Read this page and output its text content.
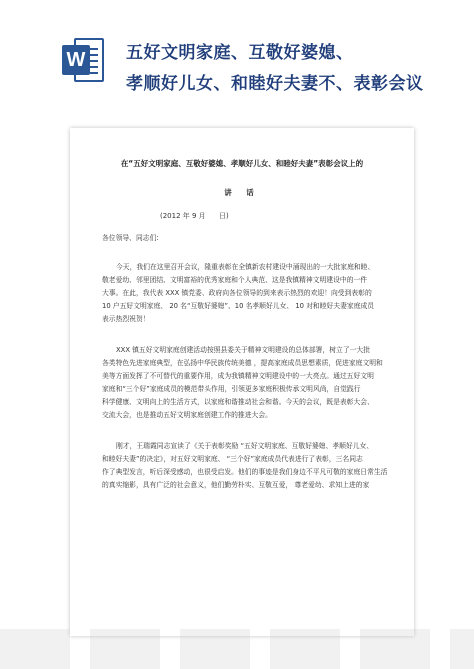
W 五好文明家庭、互敬好婆媳、
孝顺好儿女、和睦好夫妻不、表彰会议
在“五好文明家庭、互敬好婆媳、孝顺好儿女、和睦好夫妻”表彰会议上的
讲 话
(2012 年 9 月      日)
各位领导、同志们:
今天，我们在这里召开会议，隆重表彰在全镇新农村建设中涌现出的一大批家庭和睦、
敬老爱幼、邻里团结、文明富裕的优秀家庭和个人典范、这是我镇精神文明建设中的一件
大事。在此，我代表 XXX 镇党委、政府向各位领导的到来表示热烈的欢迎！向受到表彰的
10 户五好文明家庭、 20 名“互敬好婆媳”、10 名孝顺好儿女、 10 对和睦好夫妻家庭成员
表示热烈祝贺！
XXX 镇五好文明家庭创建活动按照县委关于精神文明建设的总体部署，树立了一大批
各类特色先进家庭典型，在弘扬中华民族传统美德 ，提高家庭成员思想素质，促进家庭文明和
美等方面发挥了不可替代的重要作用，成为我镇精神文明建设中的一大亮点。通过五好文明
家庭和“三个好”家庭成员的模范带头作用，引领更多家庭积极传承文明风尚，自觉践行
科学健康、文明向上的生活方式，以家庭和谐推动社会和谐。今天的会议，既是表彰大会、
交流大会，也是推动五好文明家庭创建工作的推进大会。
刚才，王瑞霞同志宣读了《关于表彰奖励 “五好文明家庭、互敬好婆媳、孝顺好儿女、
和睦好夫妻”的决定》，对五好文明家庭、 “三个好”家庭成员代表进行了表彰，三名同志
作了典型发言，听后深受感动，也很受启发。他们的事迹是我们身边不平凡可敬的家庭日常生活
的真实缩影，具有广泛的社会意义，他们勤劳朴实、互敬互爱， 尊老爱幼、求知上进的家
